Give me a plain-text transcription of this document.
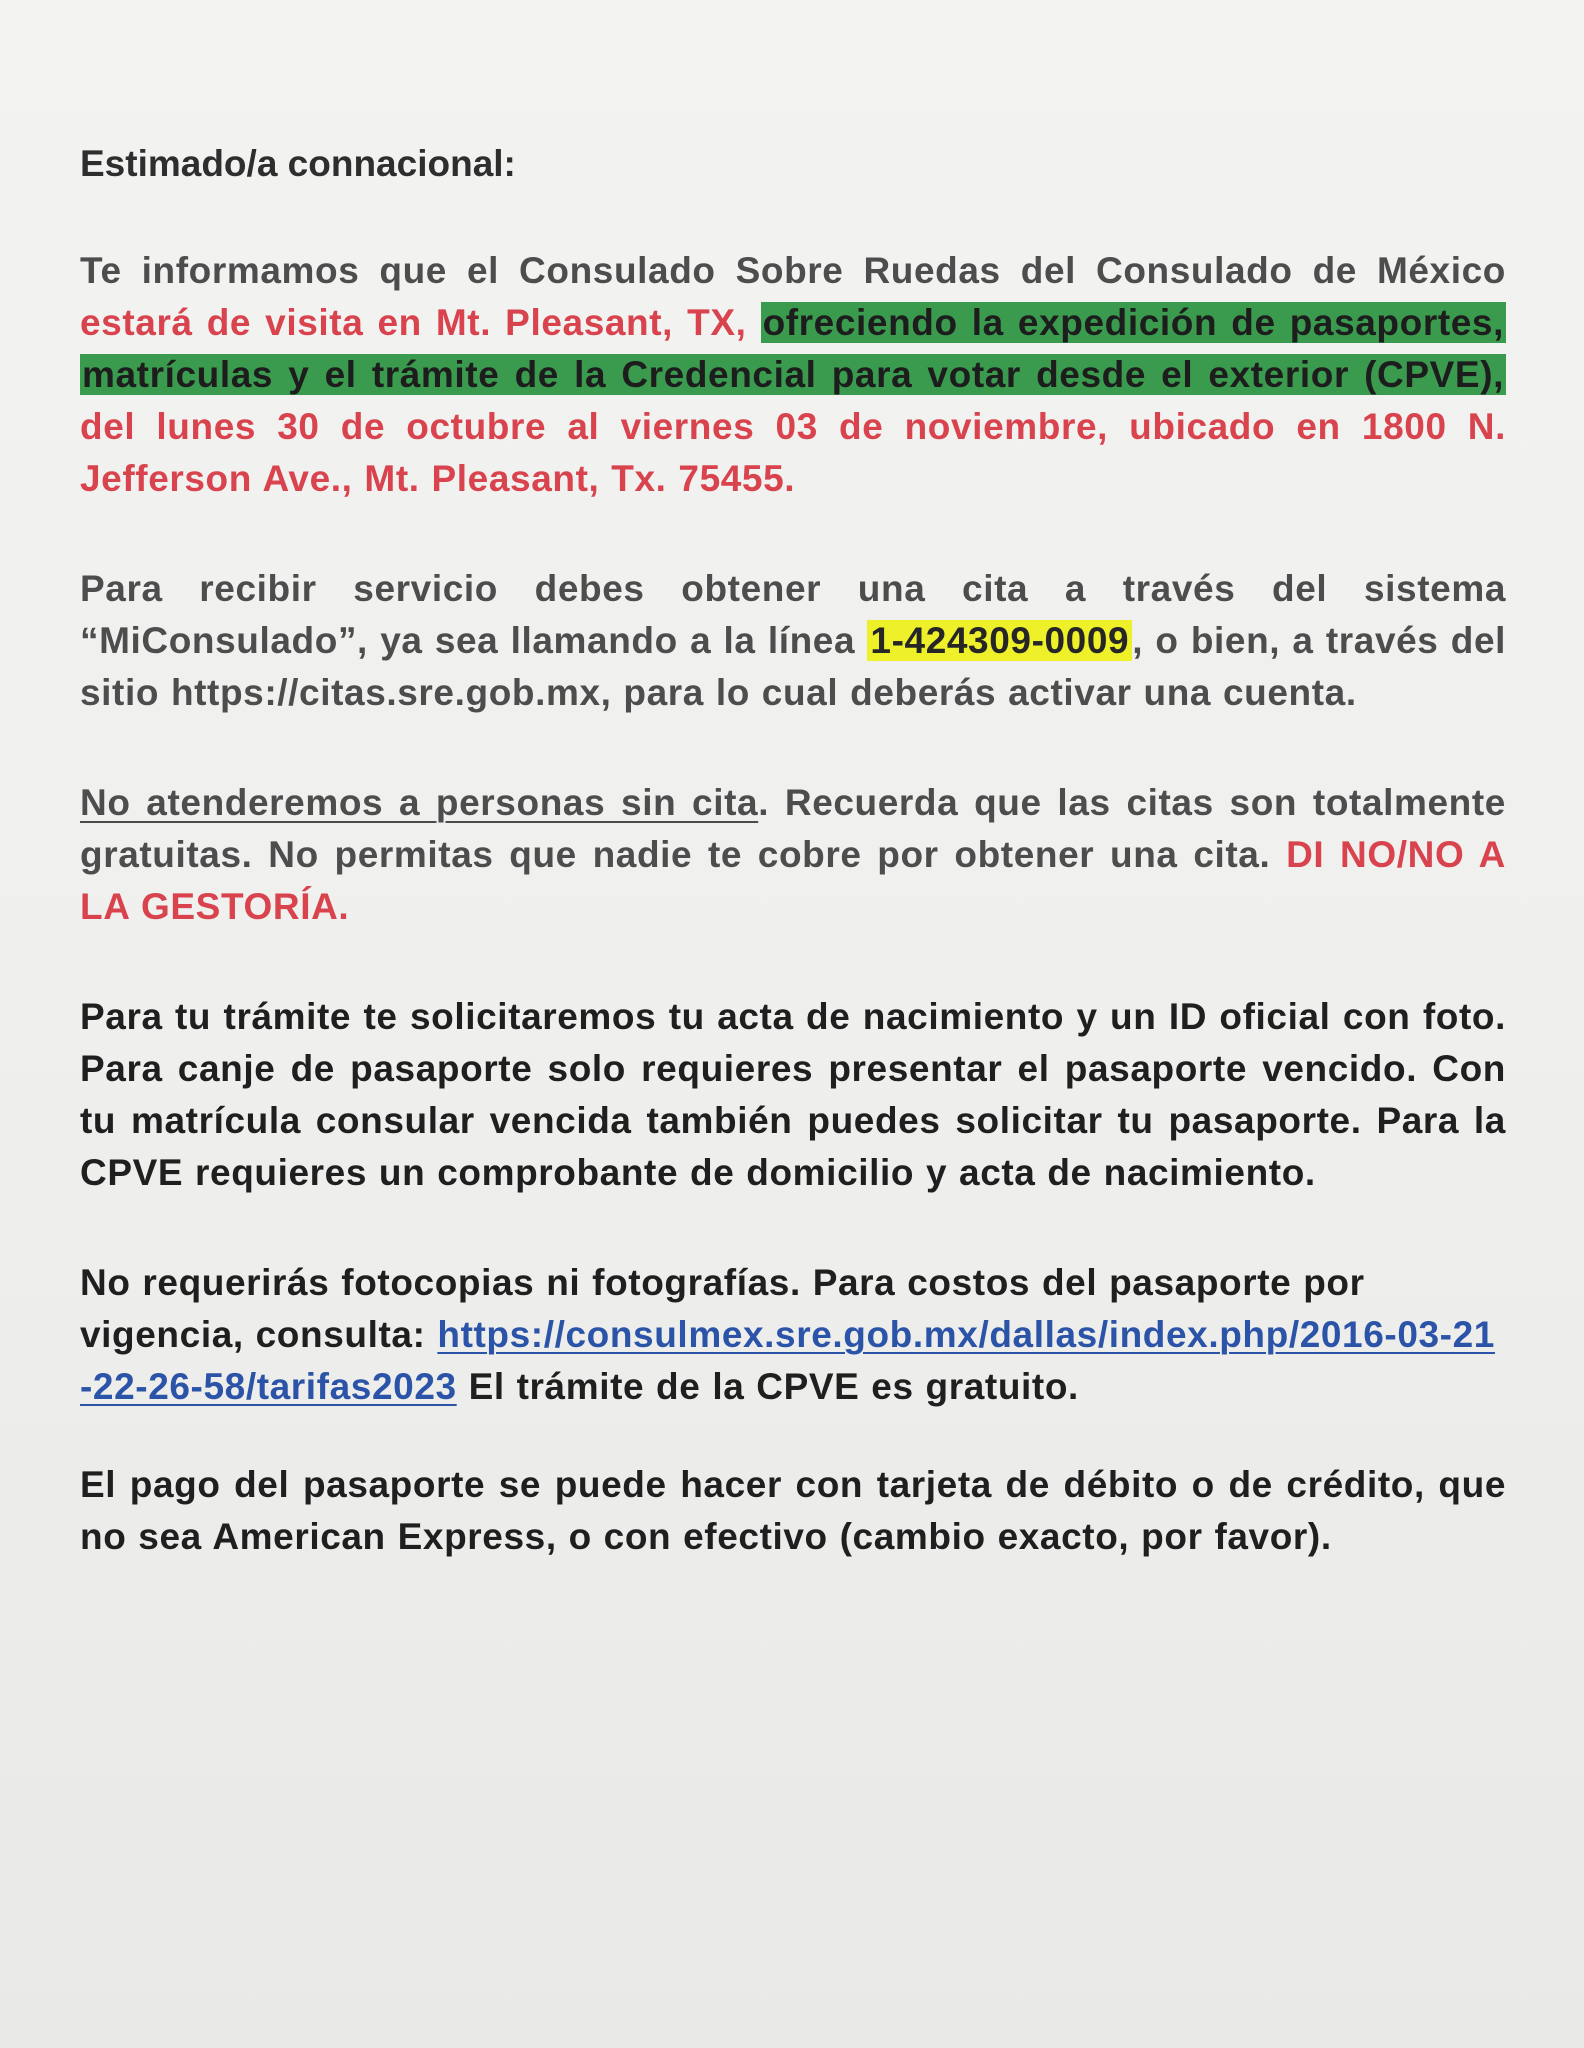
Estimado/a connacional:

Te informamos que el Consulado Sobre Ruedas del Consulado de México estará de visita en Mt. Pleasant, TX, ofreciendo la expedición de pasaportes, matrículas y el trámite de la Credencial para votar desde el exterior (CPVE), del lunes 30 de octubre al viernes 03 de noviembre, ubicado en 1800 N. Jefferson Ave., Mt. Pleasant, Tx. 75455.

Para recibir servicio debes obtener una cita a través del sistema “MiConsulado”, ya sea llamando a la línea 1-424309-0009, o bien, a través del sitio https://citas.sre.gob.mx, para lo cual deberás activar una cuenta.

No atenderemos a personas sin cita. Recuerda que las citas son totalmente gratuitas. No permitas que nadie te cobre por obtener una cita. DI NO/NO A LA GESTORÍA.

Para tu trámite te solicitaremos tu acta de nacimiento y un ID oficial con foto. Para canje de pasaporte solo requieres presentar el pasaporte vencido. Con tu matrícula consular vencida también puedes solicitar tu pasaporte. Para la CPVE requieres un comprobante de domicilio y acta de nacimiento.

No requerirás fotocopias ni fotografías. Para costos del pasaporte por vigencia, consulta: https://consulmex.sre.gob.mx/dallas/index.php/2016-03-21-22-26-58/tarifas2023 El trámite de la CPVE es gratuito.

El pago del pasaporte se puede hacer con tarjeta de débito o de crédito, que no sea American Express, o con efectivo (cambio exacto, por favor).
